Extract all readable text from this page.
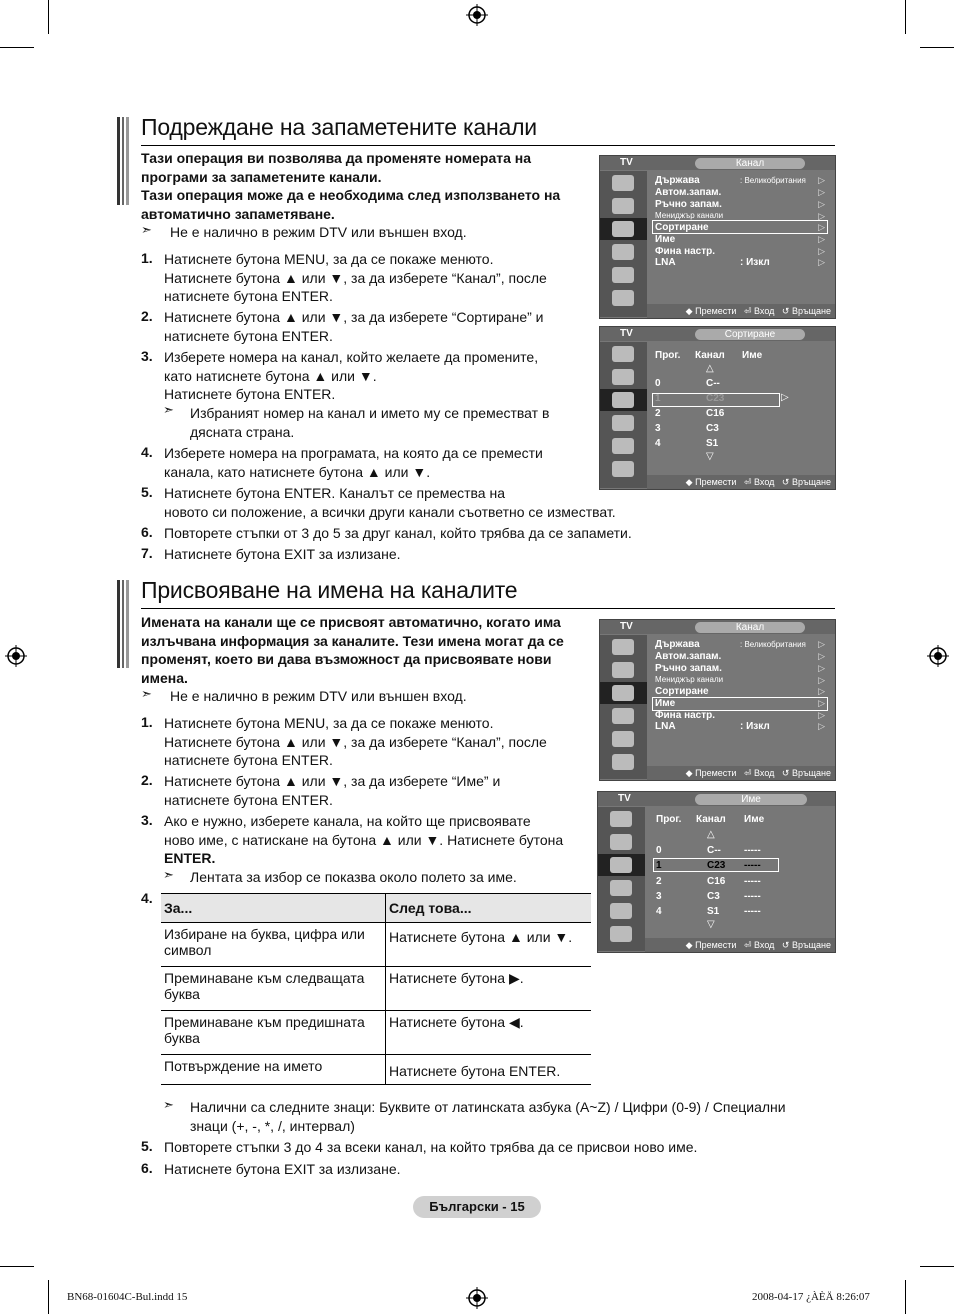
Подреждане на запаметените канали
Тази операция ви позволява да променяте номерата на програми за запаметените канали.
Тази операция може да е необходима след използването на автоматично запаметяване.
➣ Не е налично в режим DTV или външен вход.
1. Натиснете бутона MENU, за да се покаже менюто.
Натиснете бутона ▲ или ▼, за да изберете “Канал”, после
натиснете бутона ENTER.
2. Натиснете бутона ▲ или ▼, за да изберете “Сортиране” и
натиснете бутона ENTER.
3. Изберете номера на канал, който желаете да промените,
като натиснете бутона ▲ или ▼.
Натиснете бутона ENTER.
➣ Избраният номер на канал и името му се преместват в
дясната страна.
4. Изберете номера на програмата, на която да се премести
канала, като натиснете бутона ▲ или ▼.
5. Натиснете бутона ENTER. Каналът се премества на
новото си положение, а всички други канали съответно се изместват.
6. Повторете стъпки от 3 до 5 за друг канал, който трябва да се запамети.
7. Натиснете бутона EXIT за излизане.
TV	Канал
Държава	: Великобритания
Автом.запам.
Ръчно запам.
Мениджър канали
Сортиране
Име
Фина настр.
LNA	: Изкл
▷
▷
▷
▷
▷
▷
▷
▷
◆ Премести ⏎ Вход ↺ Връщане
TV	Сортиране
Прог. Канал Име
△
▷
0	C--
1	C23
2	C16
3	C3
4	S1
▽
◆ Премести ⏎ Вход ↺ Връщане
Присвояване на имена на каналите
Имената на канали ще се присвоят автоматично, когато има
излъчвана информация за каналите. Тези имена могат да се
променят, което ви дава възможност да присвоявате нови
имена.
➣ Не е налично в режим DTV или външен вход.
1. Натиснете бутона MENU, за да се покаже менюто.
Натиснете бутона ▲ или ▼, за да изберете “Канал”, после
натиснете бутона ENTER.
2. Натиснете бутона ▲ или ▼, за да изберете “Име” и
натиснете бутона ENTER.
3. Ако е нужно, изберете канала, на който ще присвоявате
ново име, с натискане на бутона ▲ или ▼. Натиснете бутона
ENTER.
➣ Лентата за избор се показва около полето за име.
4.
За...	След това...
Избиране на буква, цифра или символ	Натиснете бутона ▲ или ▼.
Преминаване към следващата буква	Натиснете бутона ▶.
Преминаване към предишната буква	Натиснете бутона ◀.
Потвърждение на името	Натиснете бутона ENTER.
➣ Налични са следните знаци: Буквите от латинската азбука (A~Z) / Цифри (0-9) / Специални
знаци (+, -, *, /, интервал)
5. Повторете стъпки 3 до 4 за всеки канал, на който трябва да се присвои ново име.
6. Натиснете бутона EXIT за излизане.
TV	Канал
Държава	: Великобритания
Автом.запам.
Ръчно запам.
Мениджър канали
Сортиране
Име
Фина настр.
LNA	: Изкл
▷
▷
▷
▷
▷
▷
▷
▷
◆ Премести ⏎ Вход ↺ Връщане
TV	Име
Прог. Канал Име
△
0	C-- -----
1	C23 -----
2	C16 -----
3	C3 -----
4	S1 -----
▽
◆ Премести ⏎ Вход ↺ Връщане
Български - 15
BN68-01604C-Bul.indd 15	2008-04-17 ¿ÀÈÄ 8:26:07
